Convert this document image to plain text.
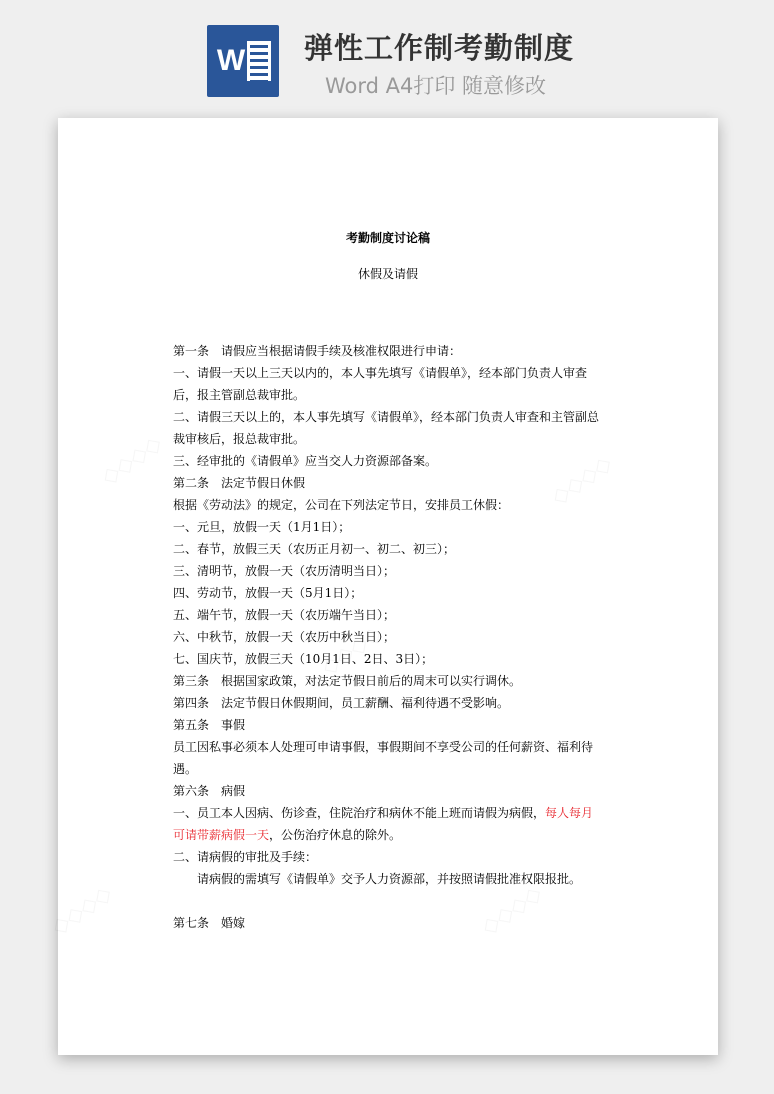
W 弹性工作制考勤制度
Word A4打印 随意修改
考勤制度讨论稿
休假及请假

第一条　请假应当根据请假手续及核准权限进行申请：

一、请假一天以上三天以内的，本人事先填写《请假单》，经本部门负责人审查后，报主管副总裁审批。

二、请假三天以上的，本人事先填写《请假单》，经本部门负责人审查和主管副总裁审核后，报总裁审批。

三、经审批的《请假单》应当交人力资源部备案。

第二条　法定节假日休假

根据《劳动法》的规定，公司在下列法定节日，安排员工休假：

一、元旦，放假一天（1月1日）；

二、春节，放假三天（农历正月初一、初二、初三）；

三、清明节，放假一天（农历清明当日）；

四、劳动节，放假一天（5月1日）；

五、端午节，放假一天（农历端午当日）；

六、中秋节，放假一天（农历中秋当日）；

七、国庆节，放假三天（10月1日、2日、3日）；

第三条　根据国家政策，对法定节假日前后的周末可以实行调休。

第四条　法定节假日休假期间，员工薪酬、福利待遇不受影响。

第五条　事假

员工因私事必须本人处理可申请事假，事假期间不享受公司的任何薪资、福利待遇。

第六条　病假

一、员工本人因病、伤诊查，住院治疗和病休不能上班而请假为病假，每人每月可请带薪病假一天，公伤治疗休息的除外。

二、请病假的审批及手续：

请病假的需填写《请假单》交予人力资源部，并按照请假批准权限报批。

第七条　婚嫁
